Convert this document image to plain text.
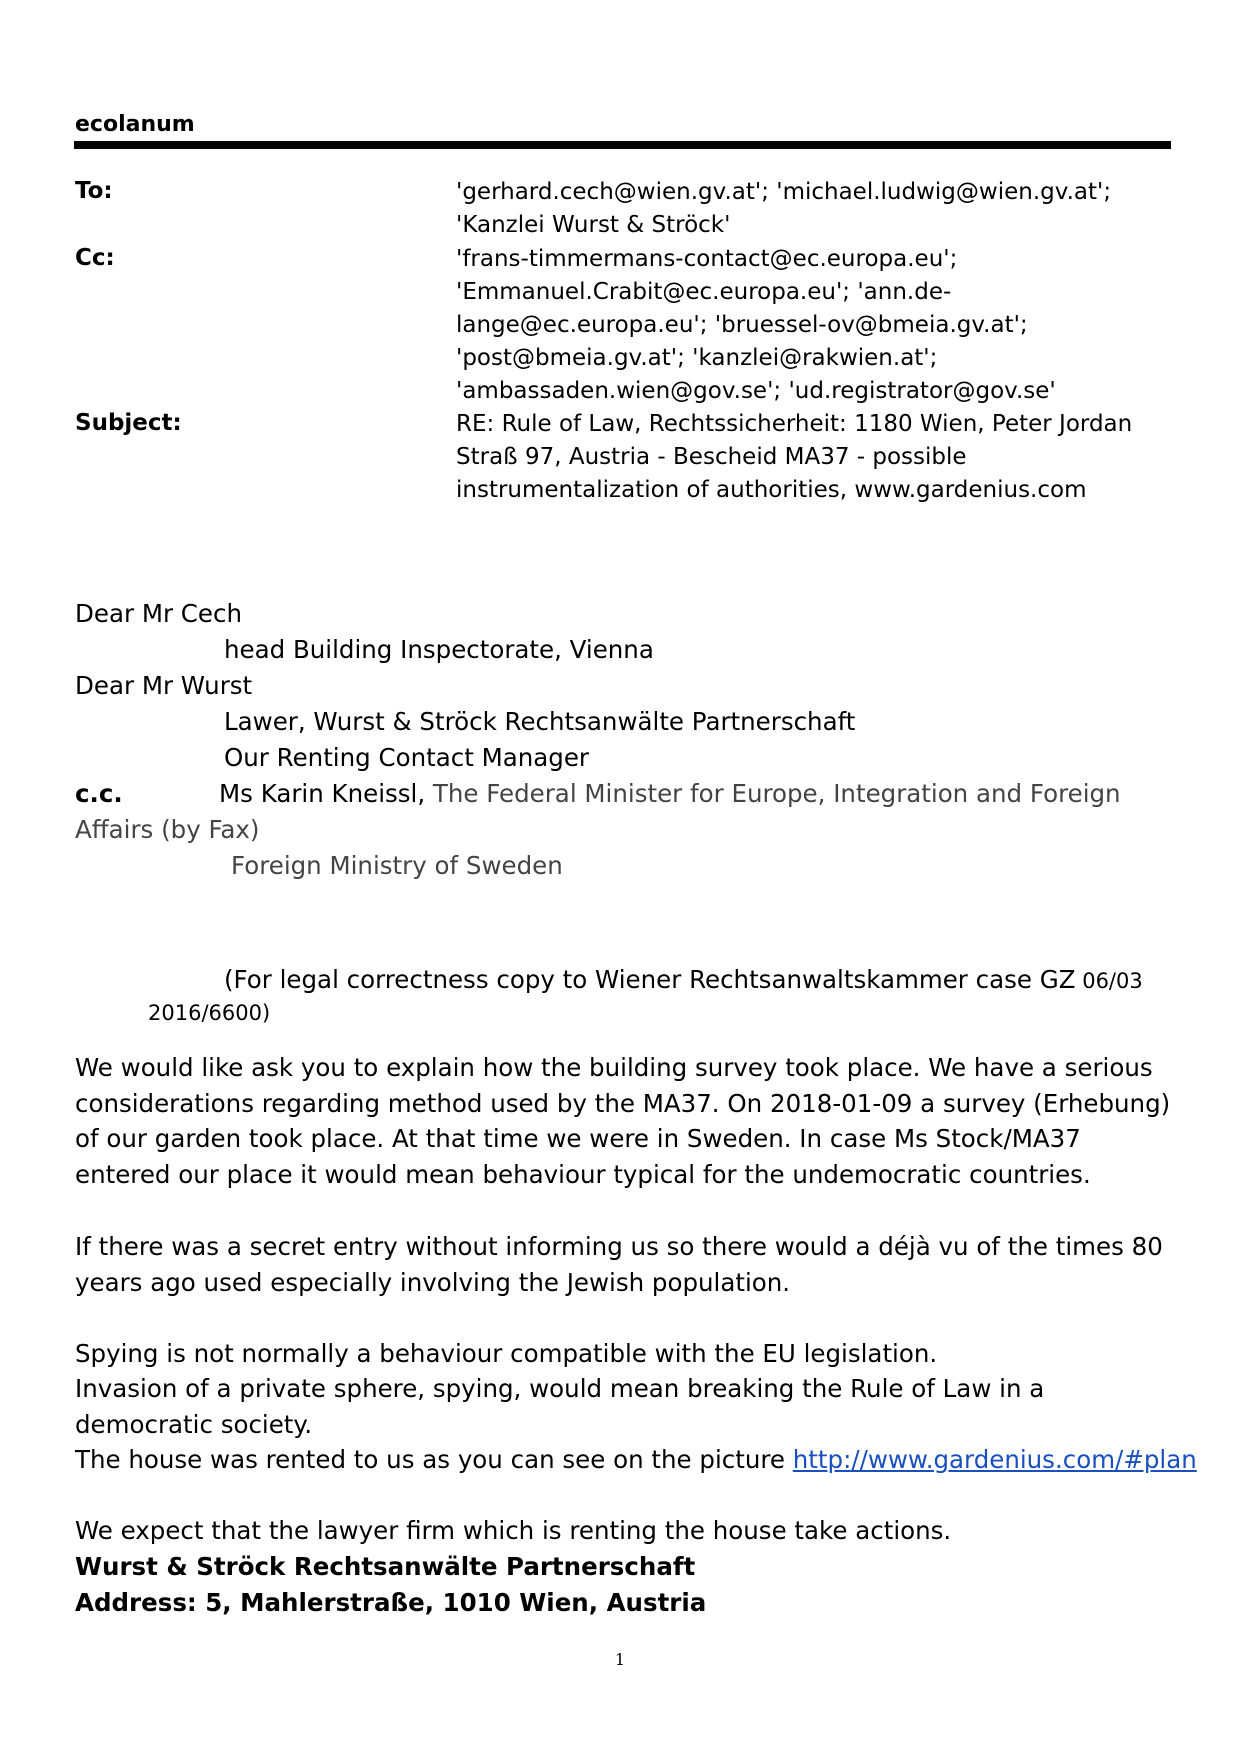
ecolanum
To:	'gerhard.cech@wien.gv.at'; 'michael.ludwig@wien.gv.at'; 'Kanzlei Wurst & Ströck'
Cc:	'frans-timmermans-contact@ec.europa.eu'; 'Emmanuel.Crabit@ec.europa.eu'; 'ann.de-lange@ec.europa.eu'; 'bruessel-ov@bmeia.gv.at'; 'post@bmeia.gv.at'; 'kanzlei@rakwien.at'; 'ambassaden.wien@gov.se'; 'ud.registrator@gov.se'
Subject:	RE: Rule of Law, Rechtssicherheit: 1180 Wien, Peter Jordan Straß 97, Austria - Bescheid MA37 - possible instrumentalization of authorities, www.gardenius.com
Dear Mr Cech
head Building Inspectorate, Vienna
Dear Mr Wurst
Lawer, Wurst & Ströck Rechtsanwälte Partnerschaft
Our Renting Contact Manager
c.c.	Ms Karin Kneissl, The Federal Minister for Europe, Integration and Foreign
Affairs (by Fax)
Foreign Ministry of Sweden
(For legal correctness copy to Wiener Rechtsanwaltskammer case GZ 06/03
2016/6600)
We would like ask you to explain how the building survey took place. We have a serious considerations regarding method used by the MA37. On 2018-01-09 a survey (Erhebung) of our garden took place. At that time we were in Sweden. In case Ms Stock/MA37 entered our place it would mean behaviour typical for the undemocratic countries.
If there was a secret entry without informing us so there would a déjà vu of the times 80 years ago used especially involving the Jewish population.
Spying is not normally a behaviour compatible with the EU legislation.
Invasion of a private sphere, spying, would mean breaking the Rule of Law in a democratic society.
The house was rented to us as you can see on the picture http://www.gardenius.com/#plan
We expect that the lawyer firm which is renting the house take actions.
Wurst & Ströck Rechtsanwälte Partnerschaft
Address: 5, Mahlerstraße, 1010 Wien, Austria
1
